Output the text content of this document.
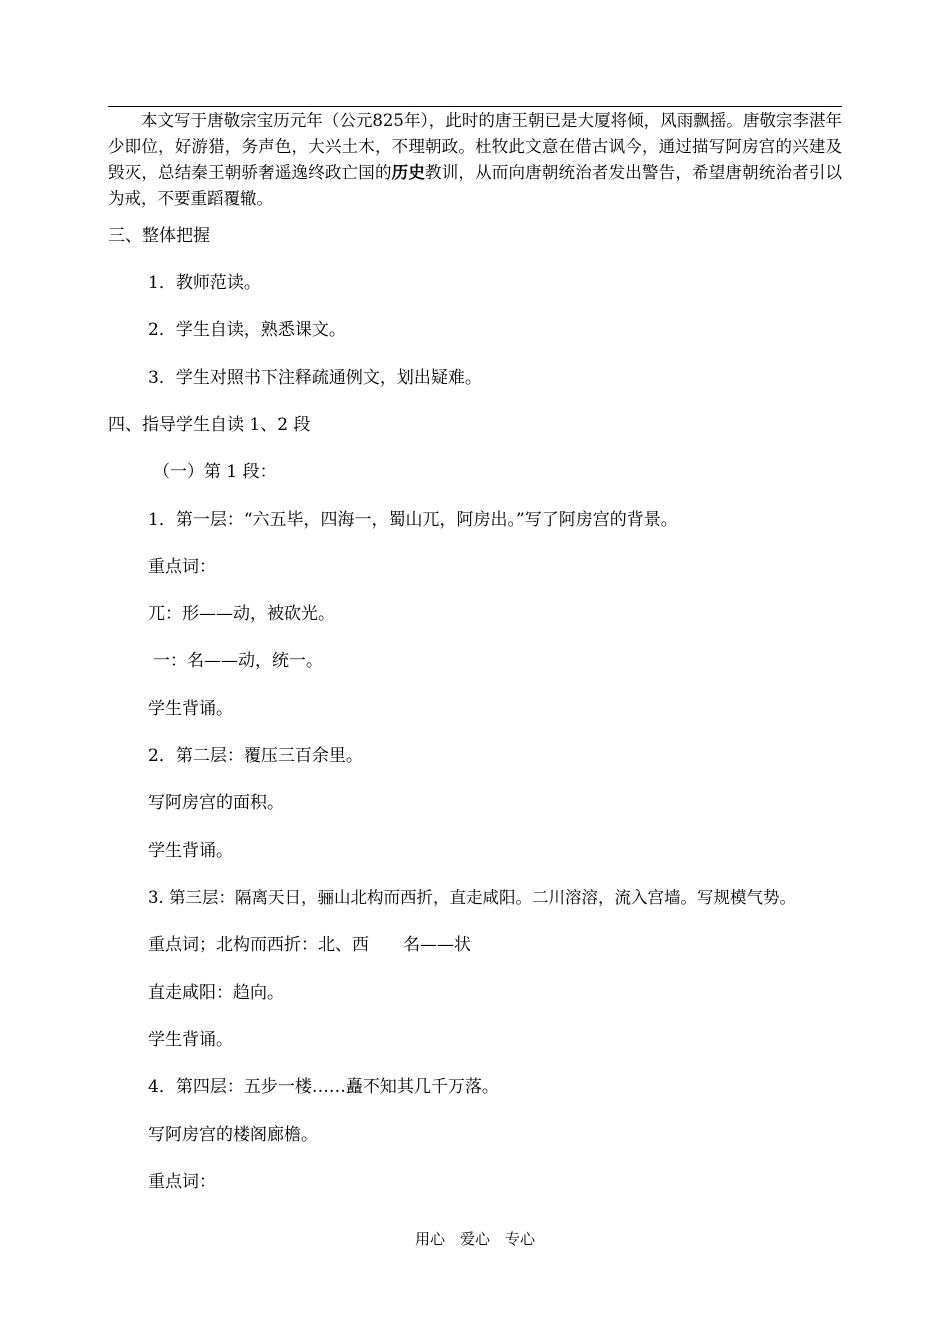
本文写于唐敬宗宝历元年（公元825年），此时的唐王朝已是大厦将倾，风雨飘摇。唐敬宗李湛年少即位，好游猎，务声色，大兴土木，不理朝政。杜牧此文意在借古讽今，通过描写阿房宫的兴建及毁灭，总结秦王朝骄奢遥逸终政亡国的历史教训，从而向唐朝统治者发出警告，希望唐朝统治者引以为戒，不要重蹈覆辙。

三、整体把握

1．教师范读。

2．学生自读，熟悉课文。

3．学生对照书下注释疏通例文，划出疑难。

四、指导学生自读 1、2 段

（一）第 1 段：

1．第一层：“六五毕，四海一，蜀山兀，阿房出。”写了阿房宫的背景。

重点词：

兀：形——动，被砍光。

一：名——动，统一。

学生背诵。

2．第二层：覆压三百余里。

写阿房宫的面积。

学生背诵。

3. 第三层：隔离天日，骊山北构而西折，直走咸阳。二川溶溶，流入宫墙。写规模气势。

重点词；北构而西折：北、西　　名——状

直走咸阳：趋向。

学生背诵。

4．第四层：五步一楼……矗不知其几千万落。

写阿房宫的楼阁廊檐。

重点词：

用心　爱心　专心
